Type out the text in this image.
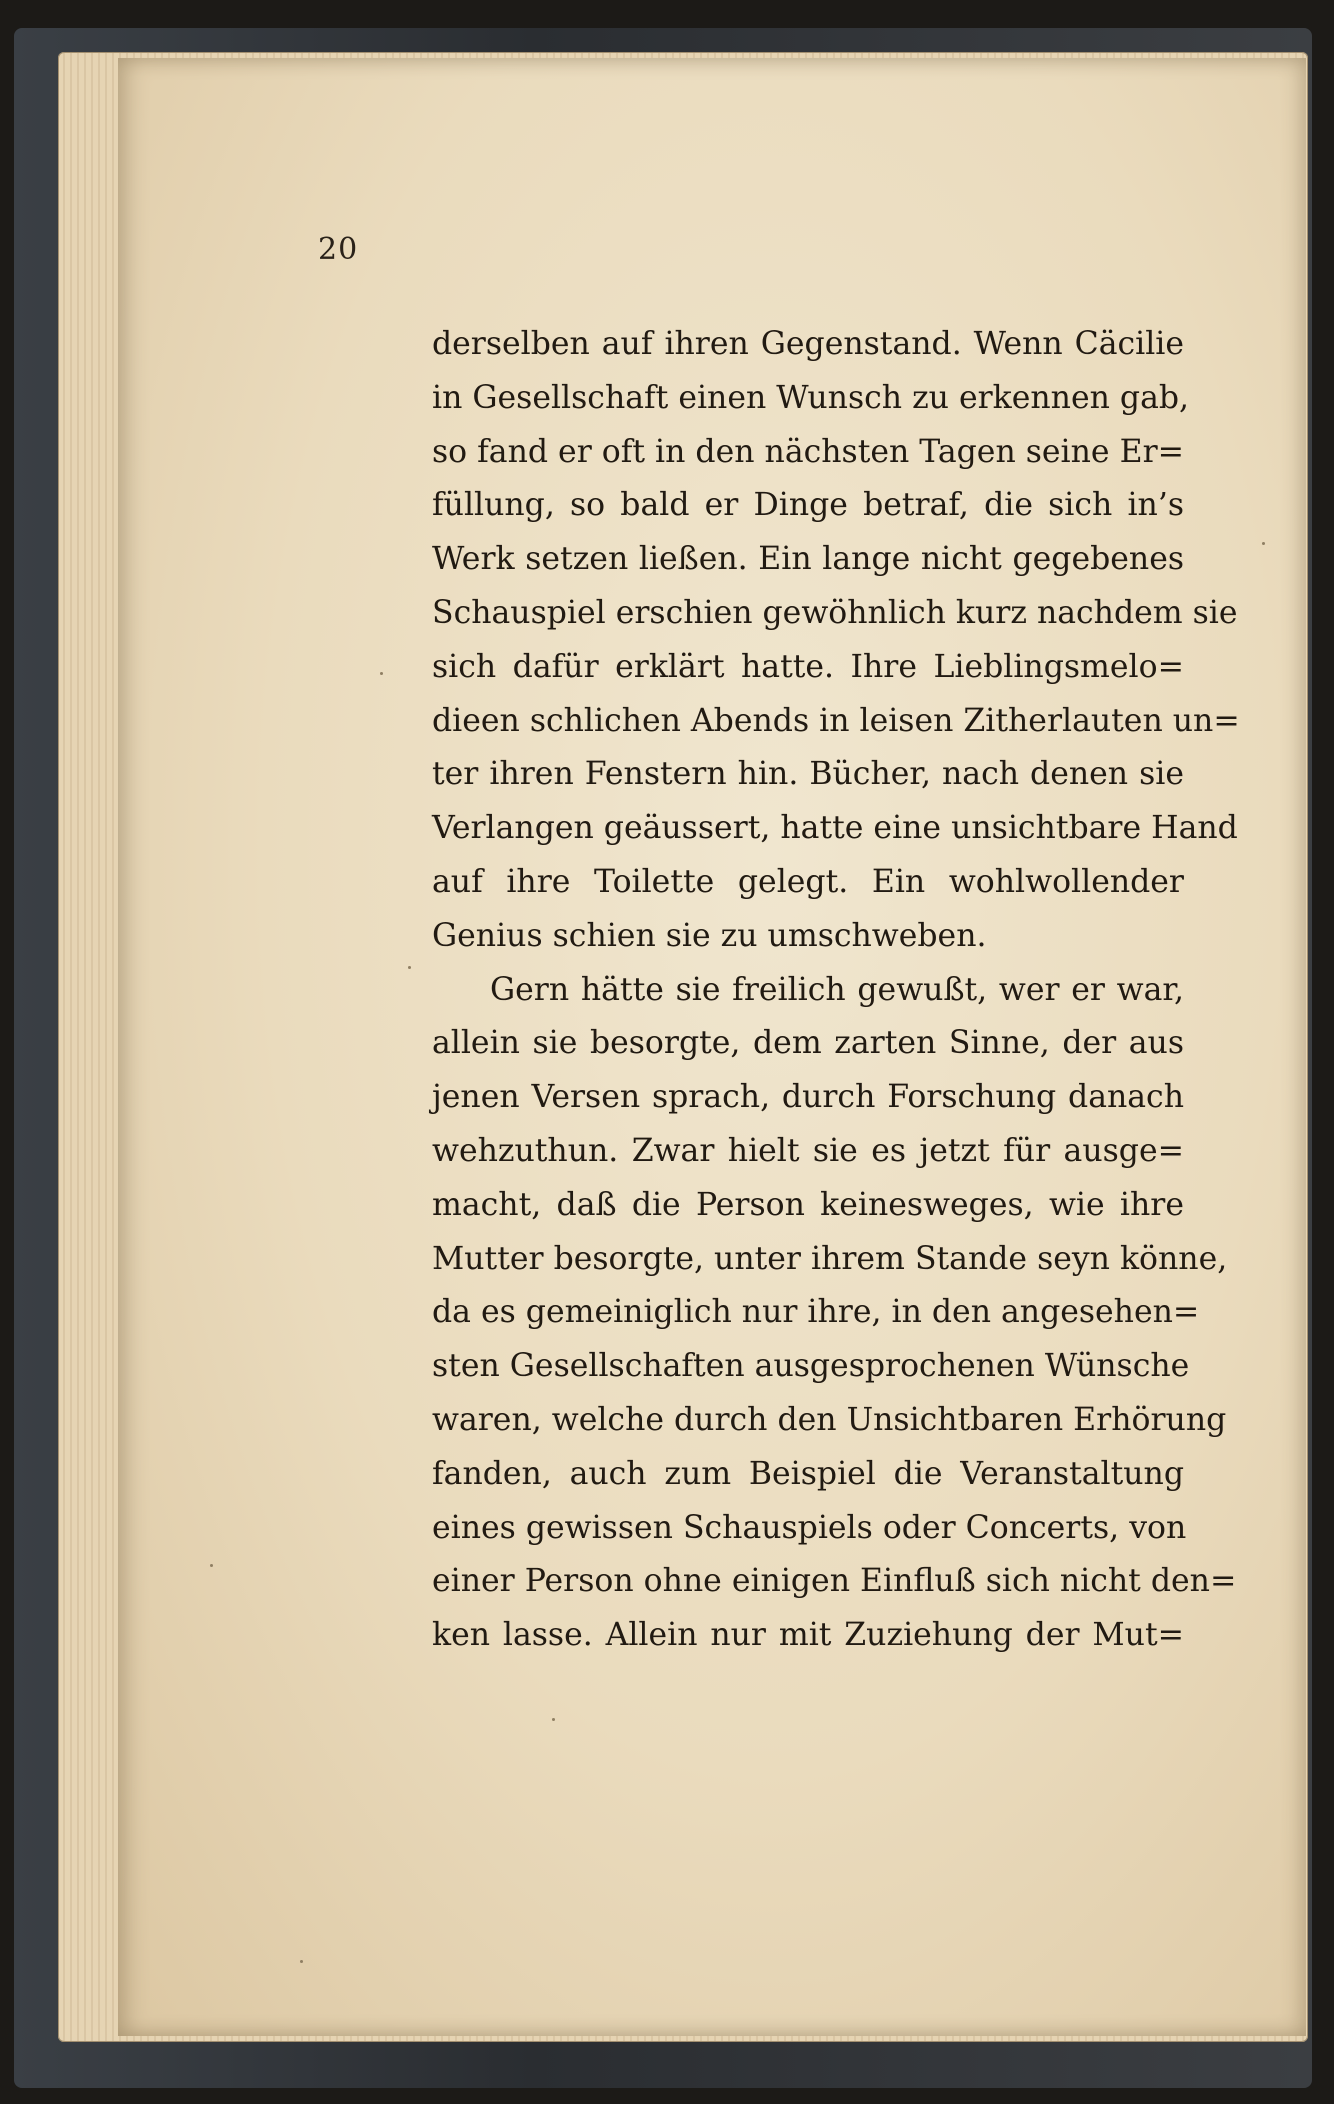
20
derselben auf ihren Gegenstand. Wenn Cäcilie
in Gesellschaft einen Wunsch zu erkennen gab,
so fand er oft in den nächsten Tagen seine Er=
füllung, so bald er Dinge betraf, die sich in’s
Werk setzen ließen. Ein lange nicht gegebenes
Schauspiel erschien gewöhnlich kurz nachdem sie
sich dafür erklärt hatte. Ihre Lieblingsmelo=
dieen schlichen Abends in leisen Zitherlauten un=
ter ihren Fenstern hin. Bücher, nach denen sie
Verlangen geäussert, hatte eine unsichtbare Hand
auf ihre Toilette gelegt. Ein wohlwollender
Genius schien sie zu umschweben.
Gern hätte sie freilich gewußt, wer er war,
allein sie besorgte, dem zarten Sinne, der aus
jenen Versen sprach, durch Forschung danach
wehzuthun. Zwar hielt sie es jetzt für ausge=
macht, daß die Person keinesweges, wie ihre
Mutter besorgte, unter ihrem Stande seyn könne,
da es gemeiniglich nur ihre, in den angesehen=
sten Gesellschaften ausgesprochenen Wünsche
waren, welche durch den Unsichtbaren Erhörung
fanden, auch zum Beispiel die Veranstaltung
eines gewissen Schauspiels oder Concerts, von
einer Person ohne einigen Einfluß sich nicht den=
ken lasse. Allein nur mit Zuziehung der Mut=
